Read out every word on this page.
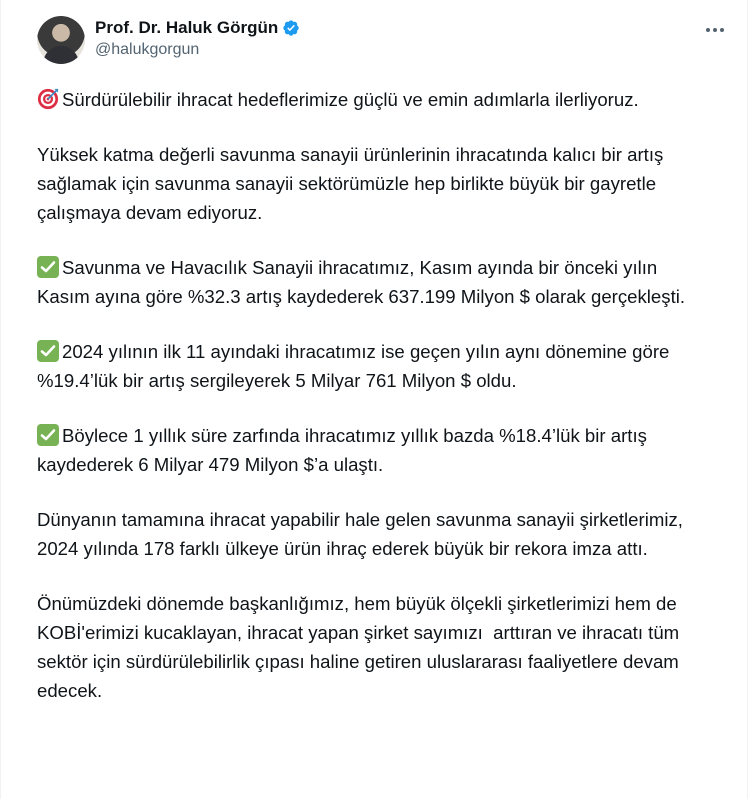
Prof. Dr. Haluk Görgün
@halukgorgun

Sürdürülebilir ihracat hedeflerimize güçlü ve emin adımlarla ilerliyoruz.

Yüksek katma değerli savunma sanayii ürünlerinin ihracatında kalıcı bir artış sağlamak için savunma sanayii sektörümüzle hep birlikte büyük bir gayretle çalışmaya devam ediyoruz.

Savunma ve Havacılık Sanayii ihracatımız, Kasım ayında bir önceki yılın Kasım ayına göre %32.3 artış kaydederek 637.199 Milyon $ olarak gerçekleşti.

2024 yılının ilk 11 ayındaki ihracatımız ise geçen yılın aynı dönemine göre %19.4’lük bir artış sergileyerek 5 Milyar 761 Milyon $ oldu.

Böylece 1 yıllık süre zarfında ihracatımız yıllık bazda %18.4’lük bir artış kaydederek 6 Milyar 479 Milyon $’a ulaştı.

Dünyanın tamamına ihracat yapabilir hale gelen savunma sanayii şirketlerimiz, 2024 yılında 178 farklı ülkeye ürün ihraç ederek büyük bir rekora imza attı.

Önümüzdeki dönemde başkanlığımız, hem büyük ölçekli şirketlerimizi hem de KOBİ'erimizi kucaklayan, ihracat yapan şirket sayımızı  arttıran ve ihracatı tüm sektör için sürdürülebilirlik çıpası haline getiren uluslararası faaliyetlere devam edecek.
